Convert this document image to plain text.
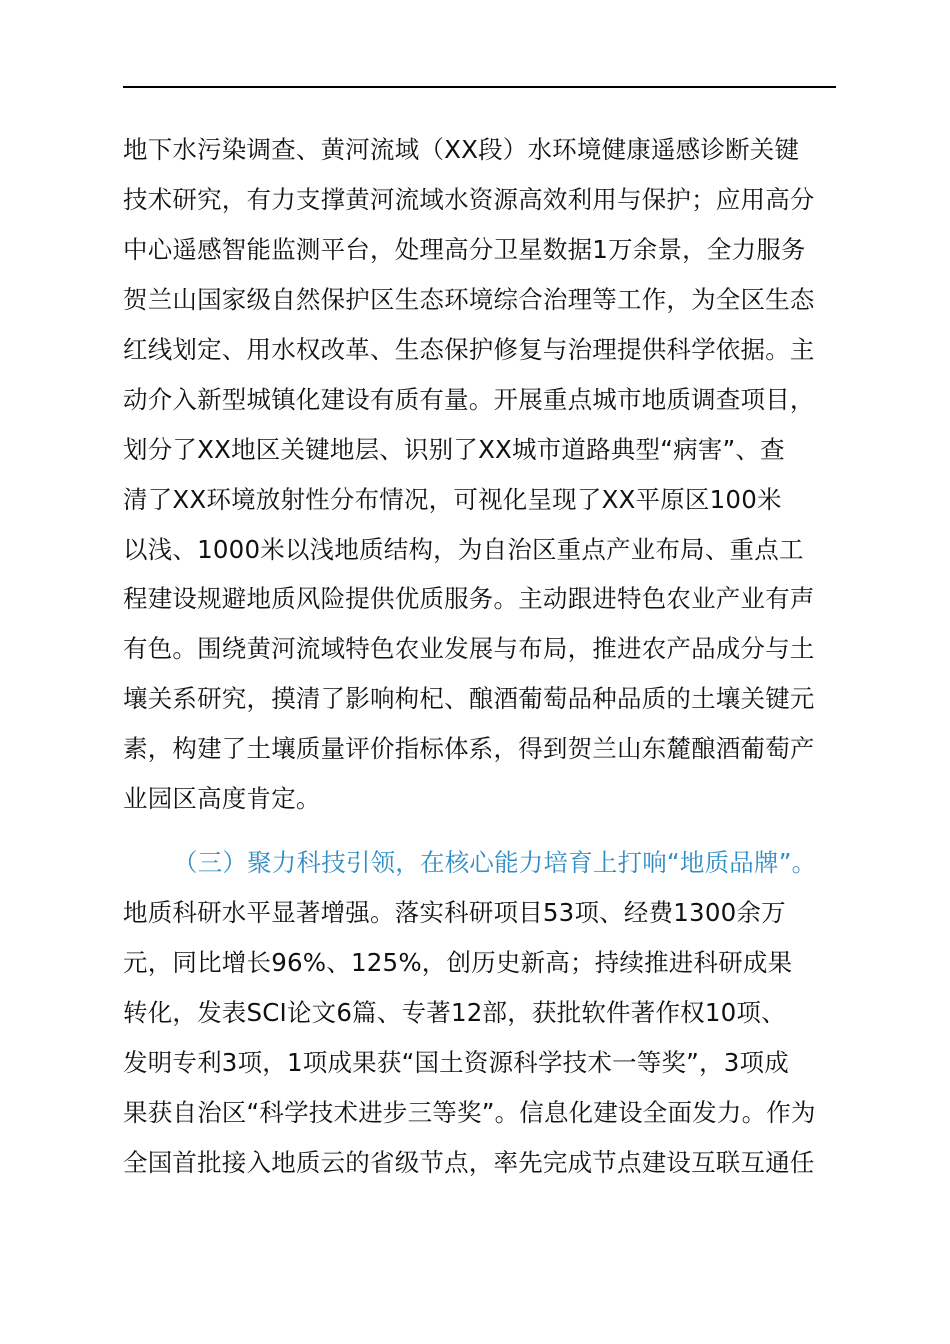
地下水污染调查、黄河流域（XX段）水环境健康遥感诊断关键
技术研究，有力支撑黄河流域水资源高效利用与保护；应用高分
中心遥感智能监测平台，处理高分卫星数据1万余景，全力服务
贺兰山国家级自然保护区生态环境综合治理等工作，为全区生态
红线划定、用水权改革、生态保护修复与治理提供科学依据。主
动介入新型城镇化建设有质有量。开展重点城市地质调查项目，
划分了XX地区关键地层、识别了XX城市道路典型“病害”、查
清了XX环境放射性分布情况，可视化呈现了XX平原区100米
以浅、1000米以浅地质结构，为自治区重点产业布局、重点工
程建设规避地质风险提供优质服务。主动跟进特色农业产业有声
有色。围绕黄河流域特色农业发展与布局，推进农产品成分与土
壤关系研究，摸清了影响枸杞、酿酒葡萄品种品质的土壤关键元
素，构建了土壤质量评价指标体系，得到贺兰山东麓酿酒葡萄产
业园区高度肯定。
（三）聚力科技引领，在核心能力培育上打响“地质品牌”。
地质科研水平显著增强。落实科研项目53项、经费1300余万
元，同比增长96%、125%，创历史新高；持续推进科研成果
转化，发表SCI论文6篇、专著12部，获批软件著作权10项、
发明专利3项，1项成果获“国土资源科学技术一等奖”，3项成
果获自治区“科学技术进步三等奖”。信息化建设全面发力。作为
全国首批接入地质云的省级节点，率先完成节点建设互联互通任
